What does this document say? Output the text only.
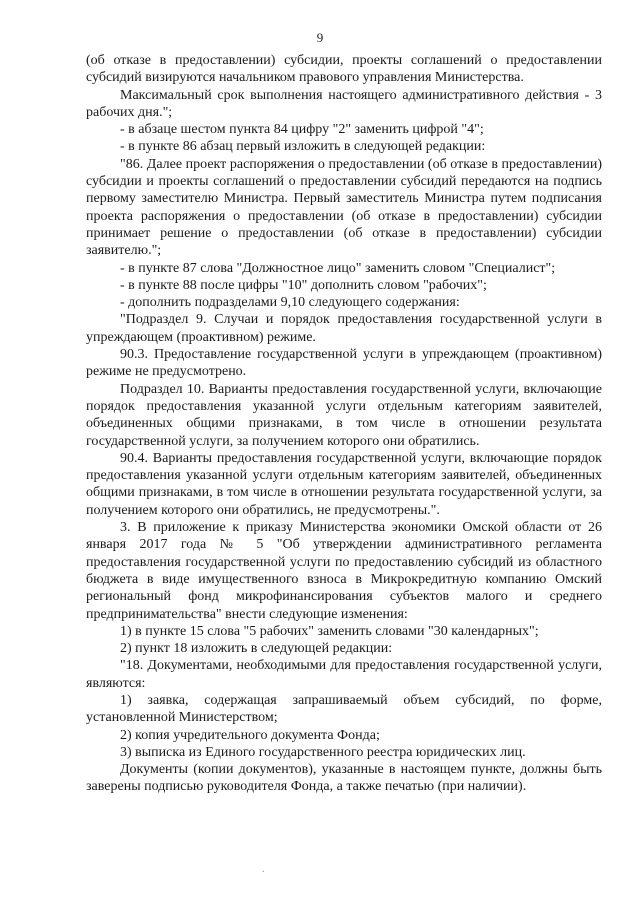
9

(об отказе в предоставлении) субсидии, проекты соглашений о предоставлении субсидий визируются начальником правового управления Министерства.

Максимальный срок выполнения настоящего административного действия - 3 рабочих дня.";

- в абзаце шестом пункта 84 цифру "2" заменить цифрой "4";

- в пункте 86 абзац первый изложить в следующей редакции:

"86. Далее проект распоряжения о предоставлении (об отказе в предоставлении) субсидии и проекты соглашений о предоставлении субсидий передаются на подпись первому заместителю Министра. Первый заместитель Министра путем подписания проекта распоряжения о предоставлении (об отказе в предоставлении) субсидии принимает решение о предоставлении (об отказе в предоставлении) субсидии заявителю.";

- в пункте 87 слова "Должностное лицо" заменить словом "Специалист";

- в пункте 88 после цифры "10" дополнить словом "рабочих";

- дополнить подразделами 9,10 следующего содержания:

"Подраздел 9. Случаи и порядок предоставления государственной услуги в упреждающем (проактивном) режиме.

90.3. Предоставление государственной услуги в упреждающем (проактивном) режиме не предусмотрено.

Подраздел 10. Варианты предоставления государственной услуги, включающие порядок предоставления указанной услуги отдельным категориям заявителей, объединенных общими признаками, в том числе в отношении результата государственной услуги, за получением которого они обратились.

90.4. Варианты предоставления государственной услуги, включающие порядок предоставления указанной услуги отдельным категориям заявителей, объединенных общими признаками, в том числе в отношении результата государственной услуги, за получением которого они обратились, не предусмотрены.".

3. В приложение к приказу Министерства экономики Омской области от 26 января 2017 года № 5 "Об утверждении административного регламента предоставления государственной услуги по предоставлению субсидий из областного бюджета в виде имущественного взноса в Микрокредитную компанию Омский региональный фонд микрофинансирования субъектов малого и среднего предпринимательства" внести следующие изменения:

1) в пункте 15 слова "5 рабочих" заменить словами "30 календарных";

2) пункт 18 изложить в следующей редакции:

"18. Документами, необходимыми для предоставления государственной услуги, являются:

1) заявка, содержащая запрашиваемый объем субсидий, по форме, установленной Министерством;

2) копия учредительного документа Фонда;

3) выписка из Единого государственного реестра юридических лиц.

Документы (копии документов), указанные в настоящем пункте, должны быть заверены подписью руководителя Фонда, а также печатью (при наличии).

.
